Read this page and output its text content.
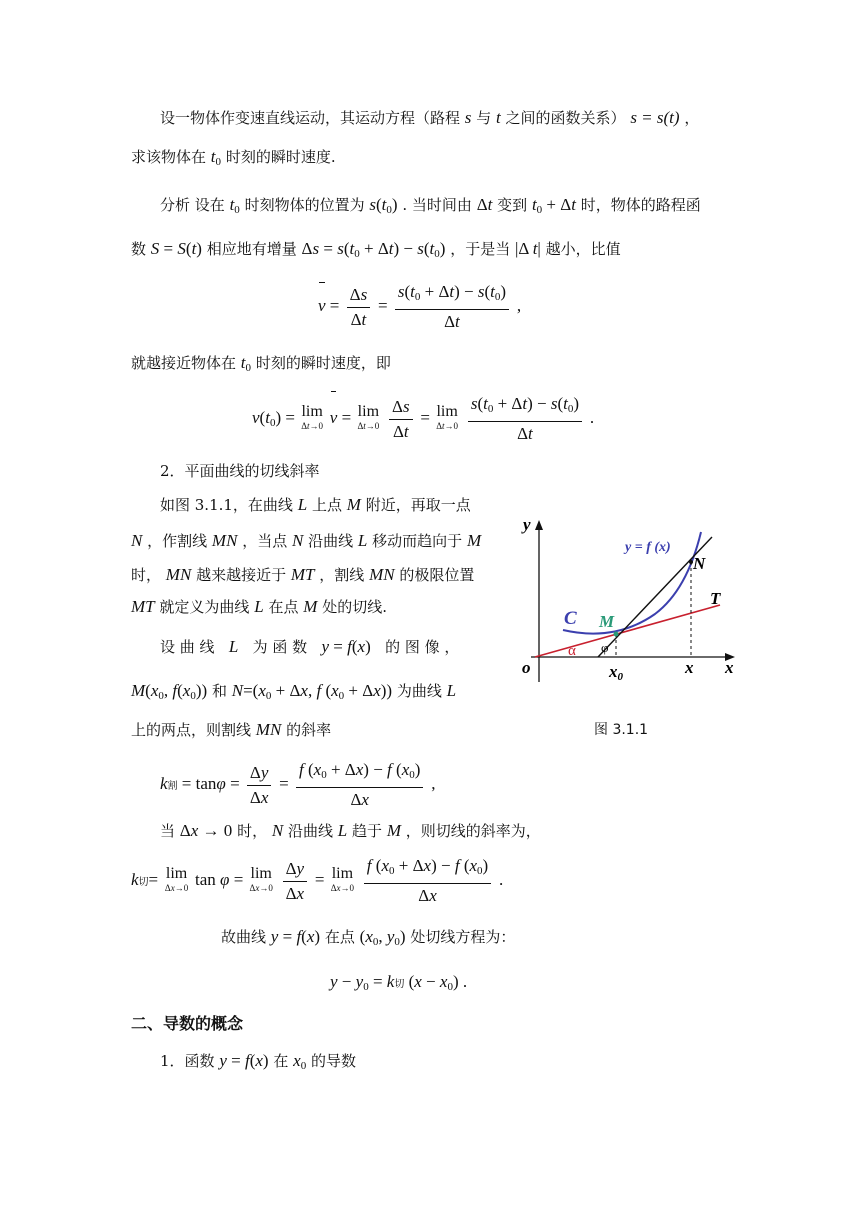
设一物体作变速直线运动，其运动方程（路程 s 与 t 之间的函数关系） s = s(t) ，
求该物体在 $t_0$ 时刻的瞬时速度.
分析 设在 $t_0$ 时刻物体的位置为 $s(t_0)$ . 当时间由 Δt 变到 $t_0 + \Delta t$ 时，物体的路程函
数 S = S(t) 相应地有增量 $\Delta s = s(t_0 + \Delta t) - s(t_0)$ ，于是当 |Δ t| 越小，比值
$v = \frac{\Delta s}{\Delta t} = \frac{s(t_0 + \Delta t) - s(t_0)}{\Delta t}$ ,
就越接近物体在 $t_0$ 时刻的瞬时速度，即
$v(t_0) = \lim$
Δt→0 v = lim
Δt→0
$\frac{\Delta s}{\Delta t} = \lim$
Δt→0
$\frac{s(t_0 + \Delta t) - s(t_0)}{\Delta t}$ .
2．平面曲线的切线斜率
如图 3.1.1，在曲线 L 上点 M 附近，再取一点
N ，作割线 MN ，当点 N 沿曲线 L 移动而趋向于 M
时， MN 越来越接近于 MT ，割线 MN 的极限位置
MT 就定义为曲线 L 在点 M 处的切线.
设 曲 线 L 为 函 数 y = f(x) 的 图 像 ，
$M(x_0$, $f(x_0)$) 和 $N=(x_0 + \Delta x$, f $(x_0 + \Delta x)$) 为曲线 L
上的两点，则割线 MN 的斜率	图 3.1.1
y
y = f (x)
N
T
C M
α φ
o	x0	x x
k割 = $\tan\varphi = \frac{\Delta y}{\Delta x} = \frac{f (x_0 + \Delta x) - f (x_0)}{\Delta x}$ ,
当 Δx → 0 时， N 沿曲线 L 趋于 M ，则切线的斜率为，
k切= lim
Δx→0 tan φ = lim
Δx→0
$\frac{\Delta y}{\Delta x} = \lim$
Δx→0
$\frac{f (x_0 + \Delta x) - f (x_0)}{\Delta x}$ .
故曲线 y = f(x) 在点 ($x_0$, $y_0$) 处切线方程为：
$y - y_0 = k$切 $(x - x_0)$ .
二、导数的概念
1．函数 y = f(x) 在 $x_0$ 的导数
